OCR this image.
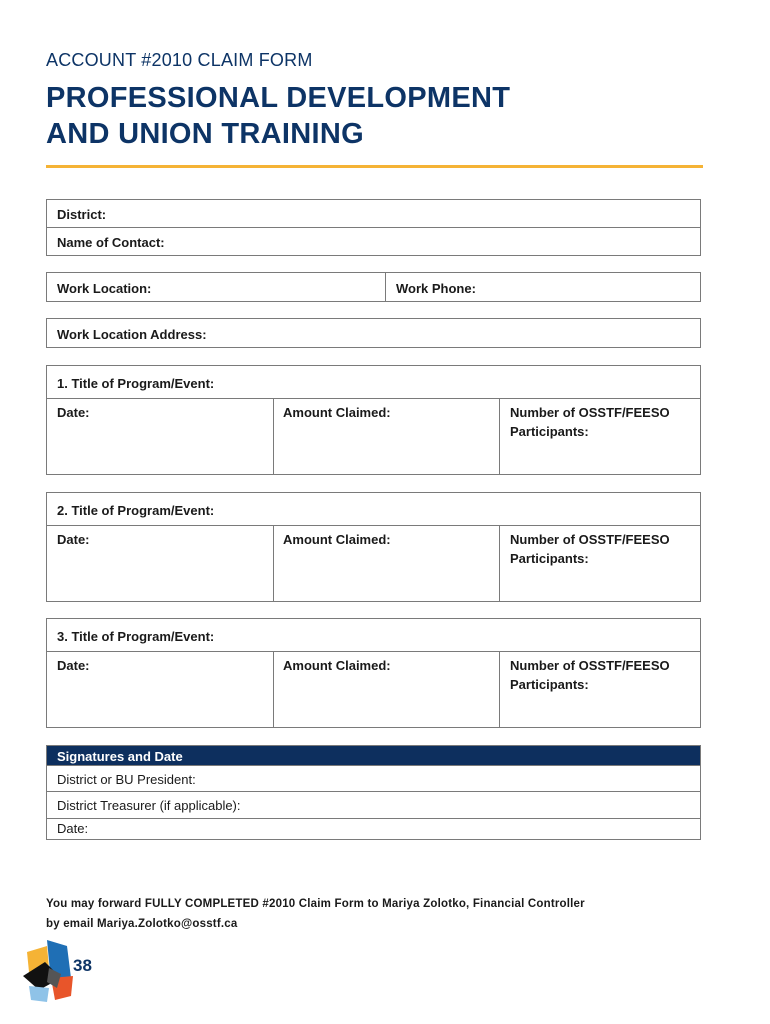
ACCOUNT #2010 CLAIM FORM
PROFESSIONAL DEVELOPMENT
AND UNION TRAINING
District:
Name of Contact:
Work Location:	Work Phone:
Work Location Address:
1. Title of Program/Event:
Date:	Amount Claimed:	Number of OSSTF/FEESO
Participants:
2. Title of Program/Event:
Date:	Amount Claimed:	Number of OSSTF/FEESO
Participants:
3. Title of Program/Event:
Date:	Amount Claimed:	Number of OSSTF/FEESO
Participants:
Signatures and Date
District or BU President:
District Treasurer (if applicable):
Date:
You may forward FULLY COMPLETED #2010 Claim Form to Mariya Zolotko, Financial Controller
by email Mariya.Zolotko@osstf.ca
38
